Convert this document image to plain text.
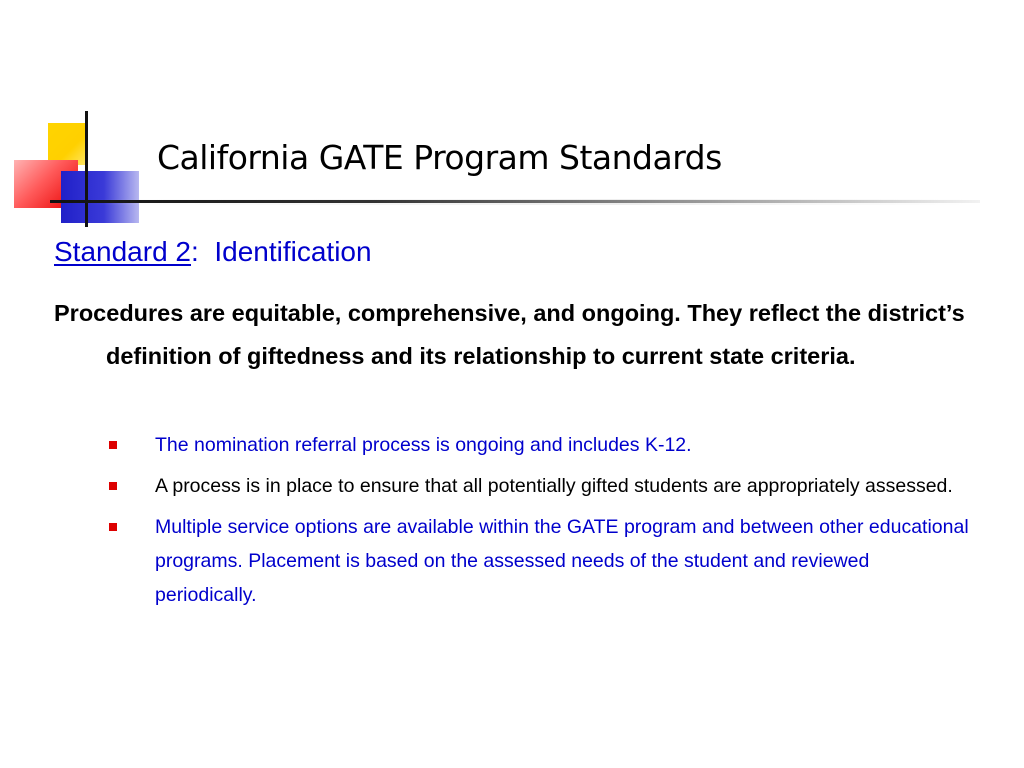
California GATE Program Standards
Standard 2: Identification
Procedures are equitable, comprehensive, and ongoing. They reflect the district’s definition of giftedness and its relationship to current state criteria.
The nomination referral process is ongoing and includes K-12.
A process is in place to ensure that all potentially gifted students are appropriately assessed.
Multiple service options are available within the GATE program and between other educational programs. Placement is based on the assessed needs of the student and reviewed periodically.
